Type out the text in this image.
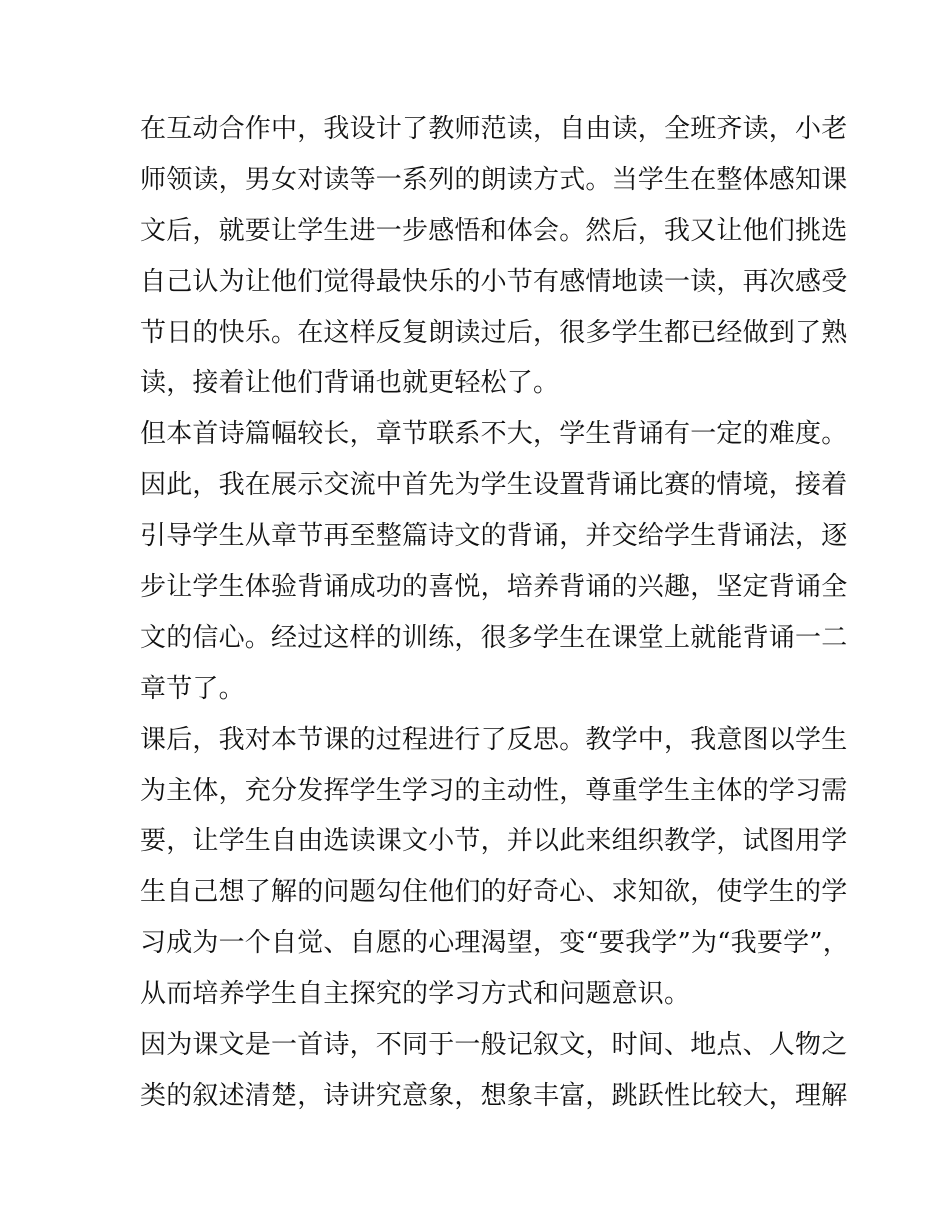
在互动合作中，我设计了教师范读，自由读，全班齐读，小老
师领读，男女对读等一系列的朗读方式。当学生在整体感知课
文后，就要让学生进一步感悟和体会。然后，我又让他们挑选
自己认为让他们觉得最快乐的小节有感情地读一读，再次感受
节日的快乐。在这样反复朗读过后，很多学生都已经做到了熟
读，接着让他们背诵也就更轻松了。

但本首诗篇幅较长，章节联系不大，学生背诵有一定的难度。
因此，我在展示交流中首先为学生设置背诵比赛的情境，接着
引导学生从章节再至整篇诗文的背诵，并交给学生背诵法，逐
步让学生体验背诵成功的喜悦，培养背诵的兴趣，坚定背诵全
文的信心。经过这样的训练，很多学生在课堂上就能背诵一二
章节了。

课后，我对本节课的过程进行了反思。教学中，我意图以学生
为主体，充分发挥学生学习的主动性，尊重学生主体的学习需
要，让学生自由选读课文小节，并以此来组织教学，试图用学
生自己想了解的问题勾住他们的好奇心、求知欲，使学生的学
习成为一个自觉、自愿的心理渴望，变“要我学”为“我要学”，
从而培养学生自主探究的学习方式和问题意识。

因为课文是一首诗，不同于一般记叙文，时间、地点、人物之
类的叙述清楚，诗讲究意象，想象丰富，跳跃性比较大，理解
